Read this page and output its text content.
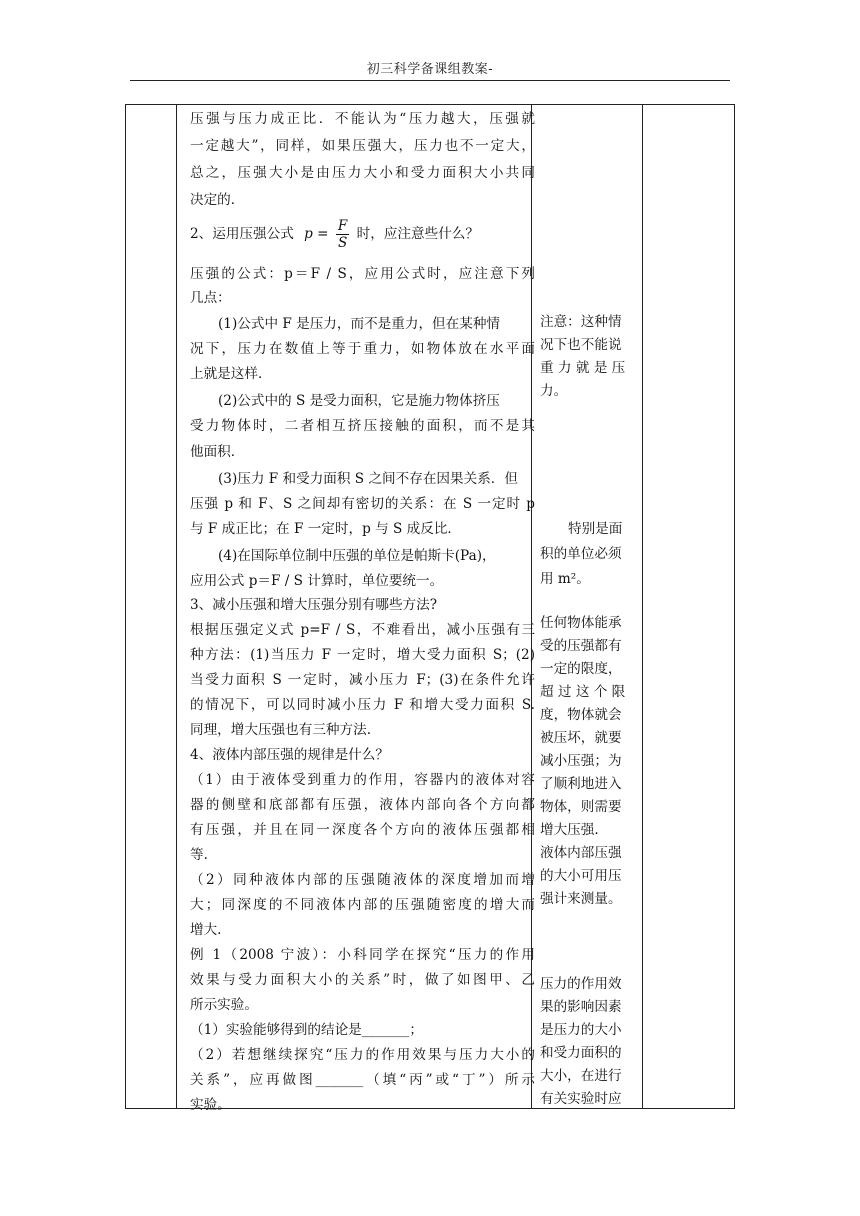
初三科学备课组教案-
压强与压力成正比．不能认为“压力越大，压强就
一定越大”，同样，如果压强大，压力也不一定大，
总之，压强大小是由压力大小和受力面积大小共同
决定的．
2、运用压强公式 $p = \frac{F}{S}$ 时，应注意些什么？
压强的公式：p＝F / S，应用公式时，应注意下列
几点：
(1)公式中 F 是压力，而不是重力，但在某种情
况下，压力在数值上等于重力，如物体放在水平面
上就是这样．
(2)公式中的 S 是受力面积，它是施力物体挤压
受力物体时，二者相互挤压接触的面积，而不是其
他面积．
(3)压力 F 和受力面积 S 之间不存在因果关系．但
压强 p 和 F、S 之间却有密切的关系：在 S 一定时 p
与 F 成正比；在 F 一定时，p 与 S 成反比．
(4)在国际单位制中压强的单位是帕斯卡(Pa)，
应用公式 p＝F / S 计算时，单位要统一。
3、减小压强和增大压强分别有哪些方法?
根据压强定义式 p=F / S，不难看出，减小压强有三
种方法：(1)当压力 F 一定时，增大受力面积 S；(2)
当受力面积 S 一定时，减小压力 F；(3)在条件允许
的情况下，可以同时减小压力 F 和增大受力面积 S.
同理，增大压强也有三种方法.
4、液体内部压强的规律是什么？
（1）由于液体受到重力的作用，容器内的液体对容
器的侧壁和底部都有压强，液体内部向各个方向都
有压强，并且在同一深度各个方向的液体压强都相
等.
（2）同种液体内部的压强随液体的深度增加而增
大；同深度的不同液体内部的压强随密度的增大而
增大.
例 1（2008 宁波）：小科同学在探究“压力的作用
效果与受力面积大小的关系”时，做了如图甲、乙
所示实验。
（1）实验能够得到的结论是_______；
（2）若想继续探究“压力的作用效果与压力大小的
关系”，应再做图_______（填“丙”或“丁”）所示
实验。
注意：这种情
况下也不能说
重 力 就 是 压
力。
特别是面
积的单位必须
用 m²。
任何物体能承
受的压强都有
一定的限度，
超 过 这 个 限
度，物体就会
被压坏，就要
减小压强；为
了顺利地进入
物体，则需要
增大压强.
液体内部压强
的大小可用压
强计来测量。
压力的作用效
果的影响因素
是压力的大小
和受力面积的
大小，在进行
有关实验时应
